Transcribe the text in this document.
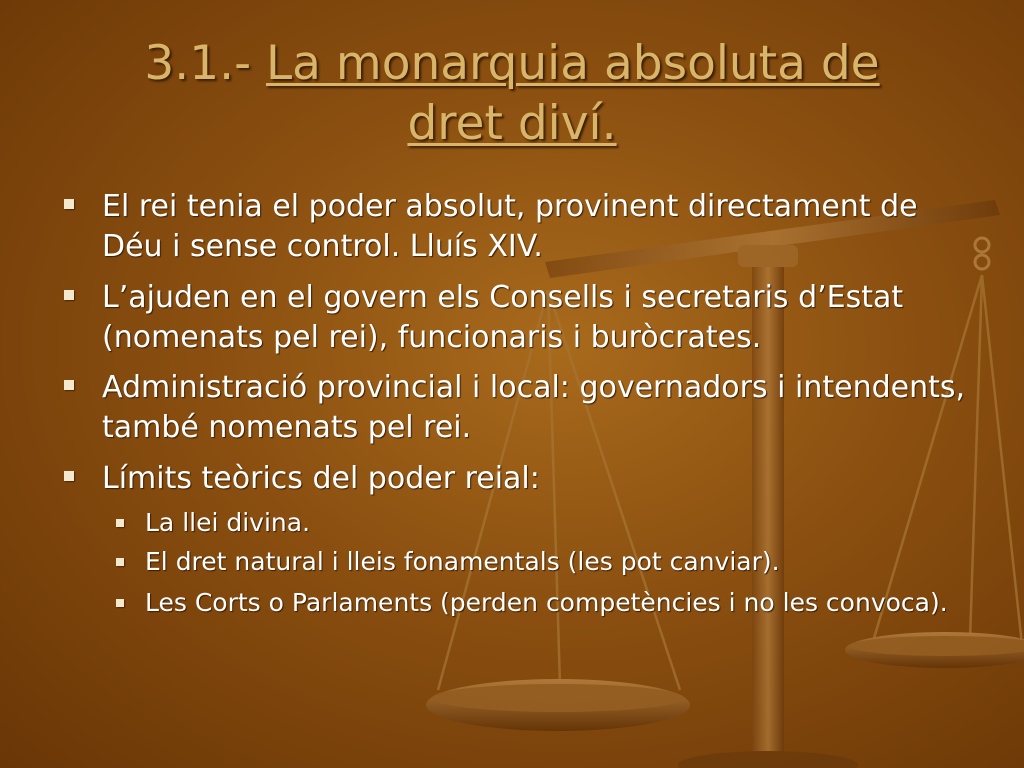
3.1.- La monarquia absoluta de
dret diví.
El rei tenia el poder absolut, provinent directament de Déu i sense control. Lluís XIV.
L’ajuden en el govern els Consells i secretaris d’Estat (nomenats pel rei), funcionaris i buròcrates.
Administració provincial i local: governadors i intendents, també nomenats pel rei.
Límits teòrics del poder reial:
La llei divina.
El dret natural i lleis fonamentals (les pot canviar).
Les Corts o Parlaments (perden competències i no les convoca).
